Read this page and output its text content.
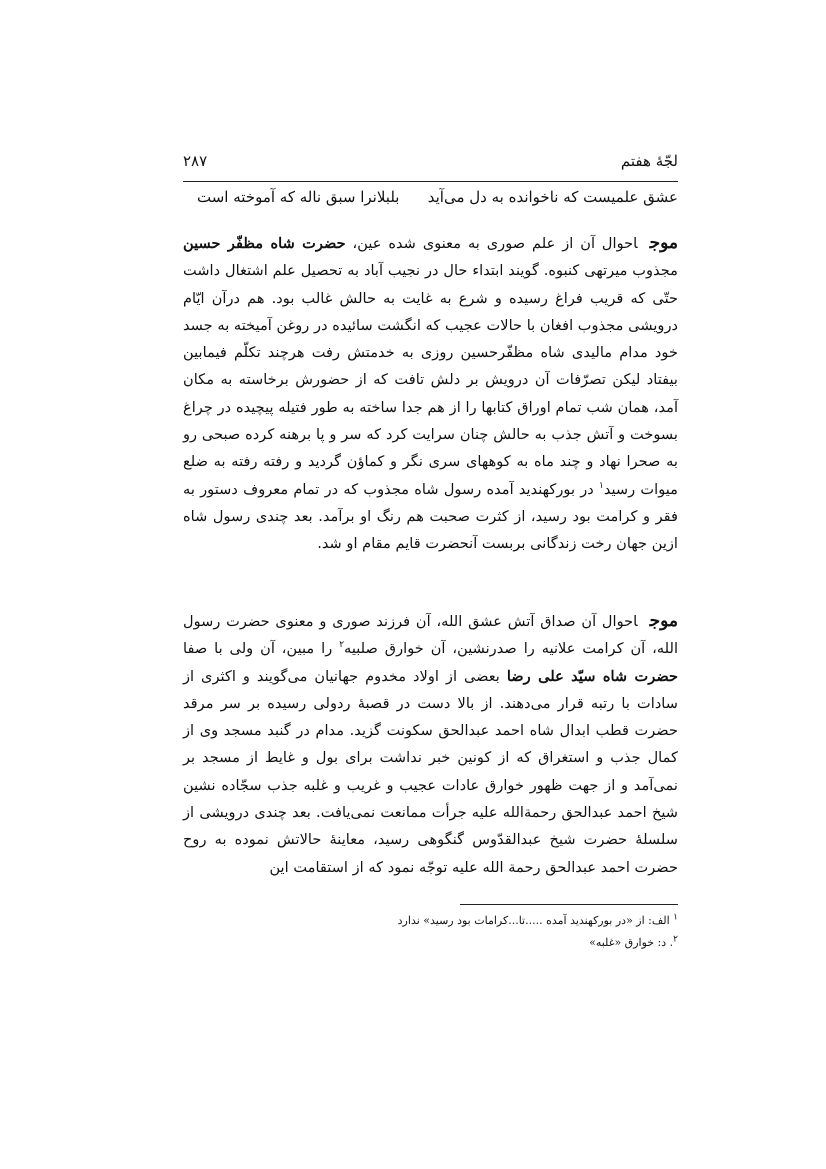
لجّهٔ هفتم
۲۸۷
عشق علمیست که ناخوانده به دل می‌آید
بلبلانرا سبق ناله که آموخته است

موجاحوال آن از علم صوری به معنوی شده عین، حضرت شاه مظفّر حسین مجذوب میرتهی کنبوه. گویند ابتداء حال در نجیب آباد به تحصیل علم اشتغال داشت حتّی که قریب فراغ رسیده و شرع به غایت به حالش غالب بود. هم درآن ایّام درویشی مجذوب افغان با حالات عجیب که انگشت سائیده در روغن آمیخته به جسد خود مدام مالیدی شاه مظفّرحسین روزی به خدمتش رفت هرچند تکلّم فیمابین بیفتاد لیکن تصرّفات آن درویش بر دلش تافت که از حضورش برخاسته به مکان آمد، همان شب تمام اوراق کتابها را از هم جدا ساخته به طور فتیله پیچیده در چراغ بسوخت و آتش جذب به حالش چنان سرایت کرد که سر و پا برهنه کرده صبحی رو به صحرا نهاد و چند ماه به کوههای سری نگر و کماؤن گردید و رفته رفته به ضلع میوات رسید$^۱$ در بورکهندید آمده رسول شاه مجذوب که در تمام معروف دستور به فقر و کرامت بود رسید، از کثرت صحبت هم رنگ او برآمد. بعد چندی رسول شاه ازین جهان رخت زندگانی بربست آنحضرت قایم مقام او شد.

موجاحوال آن صداق آتش عشق الله، آن فرزند صوری و معنوی حضرت رسول الله، آن کرامت علانیه را صدرنشین، آن خوارق صلبیه$^۲$ را مبین، آن ولی با صفا حضرت شاه سیّد علی رضا بعضی از اولاد مخدوم جهانیان می‌گویند و اکثری از سادات با رتبه قرار می‌دهند. از بالا دست در قصبهٔ ردولی رسیده بر سر مرقد حضرت قطب ابدال شاه احمد عبدالحق سکونت گزید. مدام در گنبد مسجد وی از کمال جذب و استغراق که از کونین خبر نداشت برای بول و غایط از مسجد بر نمی‌آمد و از جهت ظهور خوارق عادات عجیب و غریب و غلبه جذب سجّاده نشین شیخ احمد عبدالحق رحمةالله علیه جرأت ممانعت نمی‌یافت. بعد چندی درویشی از سلسلهٔ حضرت شیخ عبدالقدّوس گنگوهی رسید، معاینهٔ حالاتش نموده به روح حضرت احمد عبدالحق رحمة الله علیه توجّه نمود که از استقامت این

$^۱$ الف: از «در بورکهندید آمده .....تا...کرامات بود رسید» ندارد

$^۲$. د: خوارق «غلبه»
